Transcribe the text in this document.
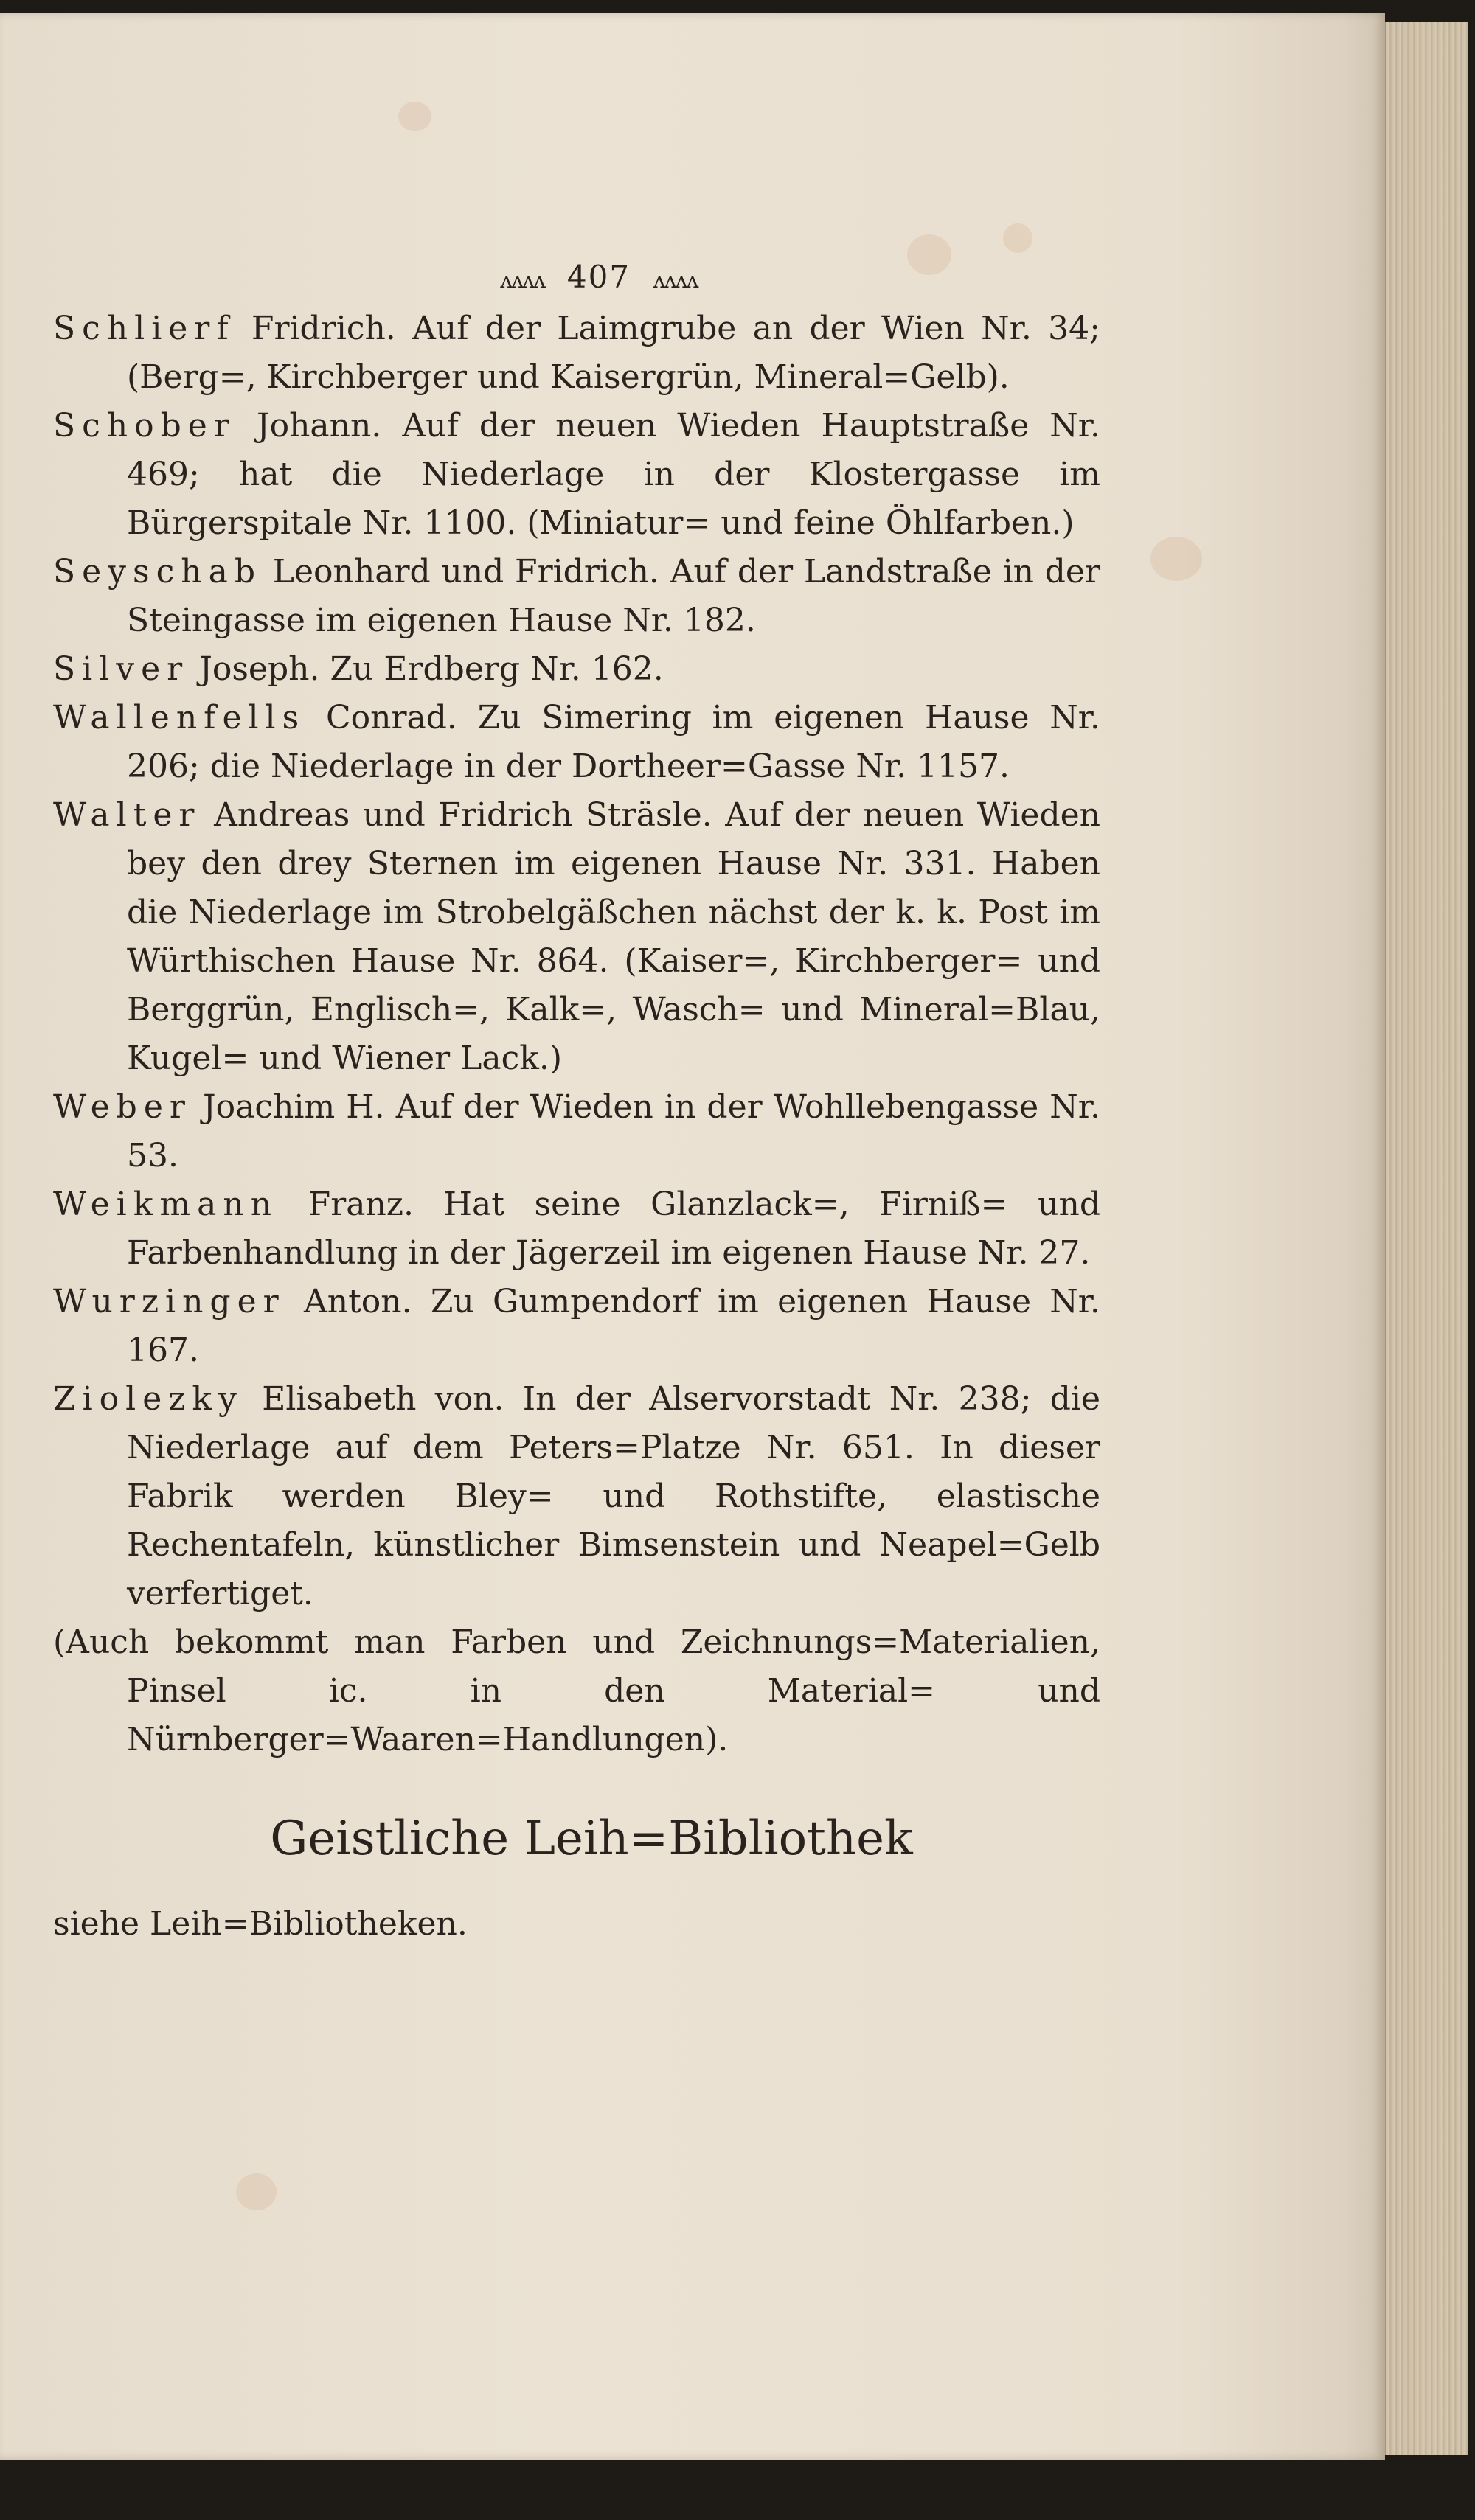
ʌʌʌʌ 407 ʌʌʌʌ
Schlierf Fridrich. Auf der Laimgrube an der Wien Nr. 34; (Berg=, Kirchberger und Kaisergrün, Mineral=Gelb).
Schober Johann. Auf der neuen Wieden Hauptstraße Nr. 469; hat die Niederlage in der Klostergasse im Bürgerspitale Nr. 1100. (Miniatur= und feine Öhlfarben.)
Seyschab Leonhard und Fridrich. Auf der Landstraße in der Steingasse im eigenen Hause Nr. 182.
Silver Joseph. Zu Erdberg Nr. 162.
Wallenfells Conrad. Zu Simering im eigenen Hause Nr. 206; die Niederlage in der Dortheer=Gasse Nr. 1157.
Walter Andreas und Fridrich Sträsle. Auf der neuen Wieden bey den drey Sternen im eigenen Hause Nr. 331. Haben die Niederlage im Strobelgäßchen nächst der k. k. Post im Würthischen Hause Nr. 864. (Kaiser=, Kirchberger= und Berggrün, Englisch=, Kalk=, Wasch= und Mineral=Blau, Kugel= und Wiener Lack.)
Weber Joachim H. Auf der Wieden in der Wohllebengasse Nr. 53.
Weikmann Franz. Hat seine Glanzlack=, Firniß= und Farbenhandlung in der Jägerzeil im eigenen Hause Nr. 27.
Wurzinger Anton. Zu Gumpendorf im eigenen Hause Nr. 167.
Ziolezky Elisabeth von. In der Alservorstadt Nr. 238; die Niederlage auf dem Peters=Platze Nr. 651. In dieser Fabrik werden Bley= und Rothstifte, elastische Rechentafeln, künstlicher Bimsenstein und Neapel=Gelb verfertiget.
(Auch bekommt man Farben und Zeichnungs=Materialien, Pinsel ic. in den Material= und Nürnberger=Waaren=Handlungen).
Geistliche Leih=Bibliothek
siehe Leih=Bibliotheken.
